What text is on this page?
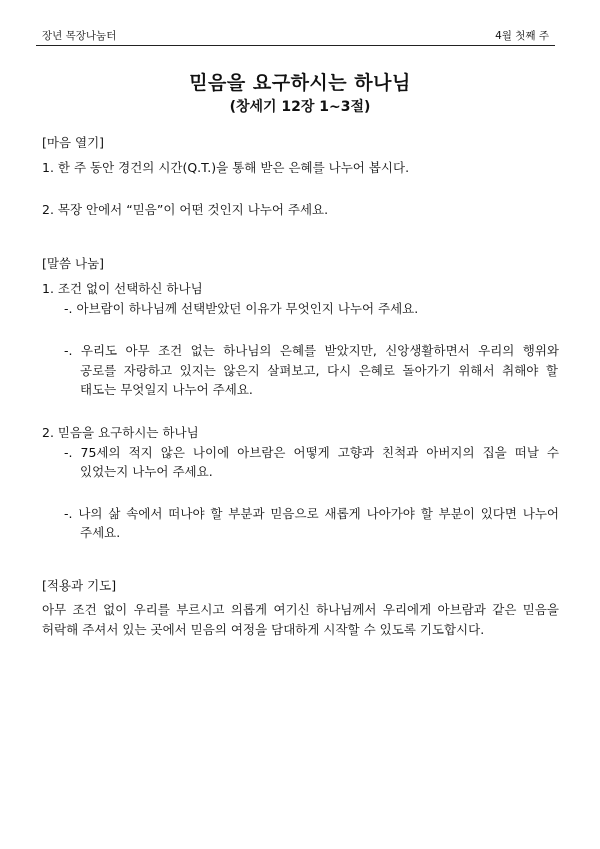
장년 목장나눔터	4월 첫째 주
믿음을 요구하시는 하나님
(창세기 12장 1~3절)
[마음 열기]
1. 한 주 동안 경건의 시간(Q.T.)을 통해 받은 은혜를 나누어 봅시다.
2. 목장 안에서 “믿음”이 어떤 것인지 나누어 주세요.
[말씀 나눔]
1. 조건 없이 선택하신 하나님
-. 아브람이 하나님께 선택받았던 이유가 무엇인지 나누어 주세요.
-. 우리도 아무 조건 없는 하나님의 은혜를 받았지만, 신앙생활하면서 우리의 행위와
공로를 자랑하고 있지는 않은지 살펴보고, 다시 은혜로 돌아가기 위해서 취해야 할
태도는 무엇일지 나누어 주세요.
2. 믿음을 요구하시는 하나님
-. 75세의 적지 않은 나이에 아브람은 어떻게 고향과 친척과 아버지의 집을 떠날 수
있었는지 나누어 주세요.
-. 나의 삶 속에서 떠나야 할 부분과 믿음으로 새롭게 나아가야 할 부분이 있다면 나누어
주세요.
[적용과 기도]
아무 조건 없이 우리를 부르시고 의롭게 여기신 하나님께서 우리에게 아브람과 같은 믿음을
허락해 주셔서 있는 곳에서 믿음의 여정을 담대하게 시작할 수 있도록 기도합시다.
